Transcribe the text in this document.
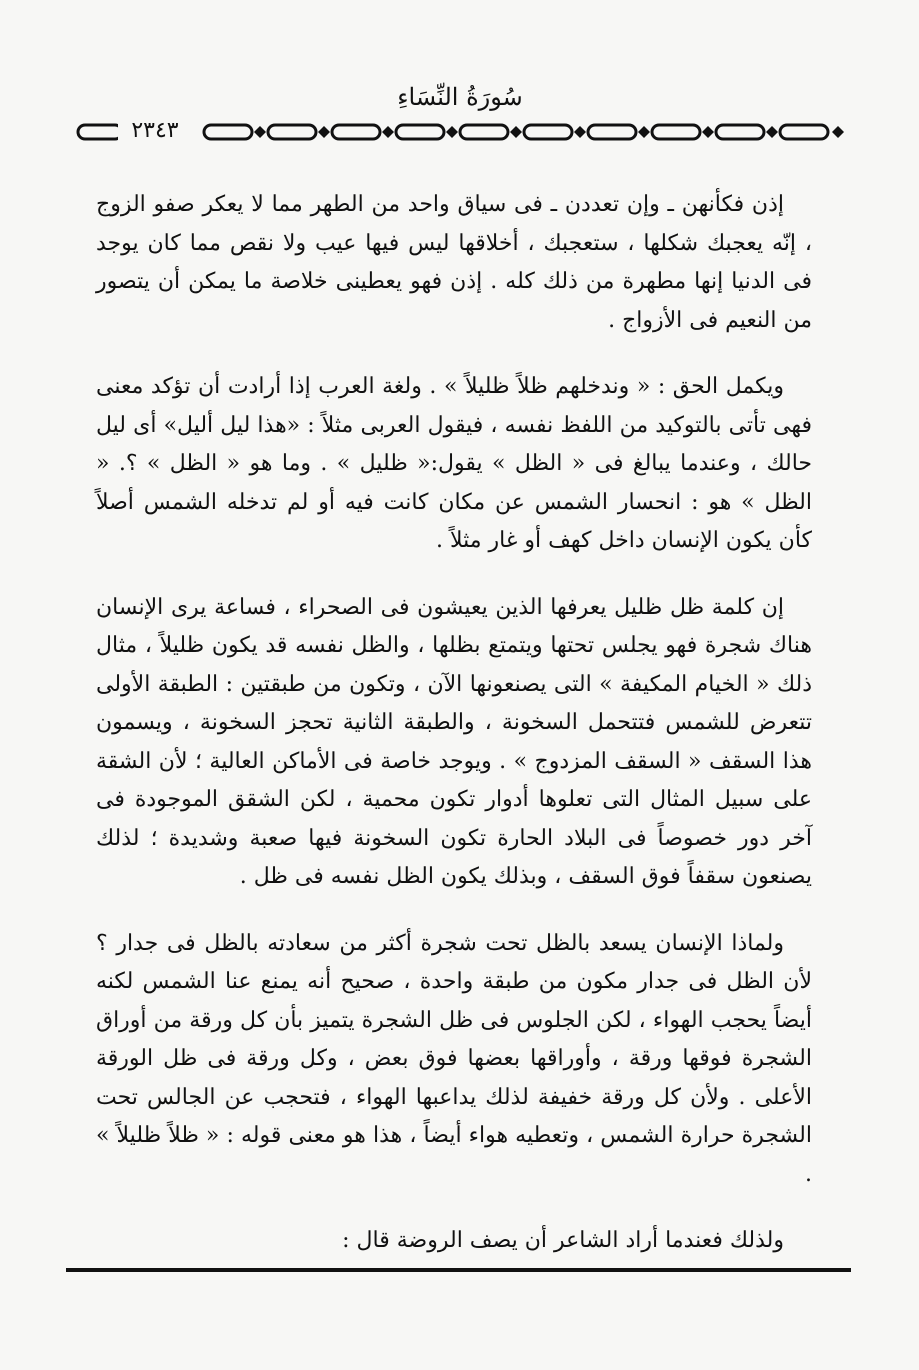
سُورَةُ النِّسَاءِ
٢٣٤٣

إذن فكأنهن ـ وإن تعددن ـ فى سياق واحد من الطهر مما لا يعكر صفو الزوج ، إنّه يعجبك شكلها ، ستعجبك ، أخلاقها ليس فيها عيب ولا نقص مما كان يوجد فى الدنيا إنها مطهرة من ذلك كله . إذن فهو يعطينى خلاصة ما يمكن أن يتصور من النعيم فى الأزواج .

ويكمل الحق : « وندخلهم ظلاً ظليلاً » . ولغة العرب إذا أرادت أن تؤكد معنى فهى تأتى بالتوكيد من اللفظ نفسه ، فيقول العربى مثلاً : «هذا ليل أليل» أى ليل حالك ، وعندما يبالغ فى « الظل » يقول:« ظليل » . وما هو « الظل » ؟. « الظل » هو : انحسار الشمس عن مكان كانت فيه أو لم تدخله الشمس أصلاً كأن يكون الإنسان داخل كهف أو غار مثلاً .

إن كلمة ظل ظليل يعرفها الذين يعيشون فى الصحراء ، فساعة يرى الإنسان هناك شجرة فهو يجلس تحتها ويتمتع بظلها ، والظل نفسه قد يكون ظليلاً ، مثال ذلك « الخيام المكيفة » التى يصنعونها الآن ، وتكون من طبقتين : الطبقة الأولى تتعرض للشمس فتتحمل السخونة ، والطبقة الثانية تحجز السخونة ، ويسمون هذا السقف « السقف المزدوج » . ويوجد خاصة فى الأماكن العالية ؛ لأن الشقة على سبيل المثال التى تعلوها أدوار تكون محمية ، لكن الشقق الموجودة فى آخر دور خصوصاً فى البلاد الحارة تكون السخونة فيها صعبة وشديدة ؛ لذلك يصنعون سقفاً فوق السقف ، وبذلك يكون الظل نفسه فى ظل .

ولماذا الإنسان يسعد بالظل تحت شجرة أكثر من سعادته بالظل فى جدار ؟ لأن الظل فى جدار مكون من طبقة واحدة ، صحيح أنه يمنع عنا الشمس لكنه أيضاً يحجب الهواء ، لكن الجلوس فى ظل الشجرة يتميز بأن كل ورقة من أوراق الشجرة فوقها ورقة ، وأوراقها بعضها فوق بعض ، وكل ورقة فى ظل الورقة الأعلى . ولأن كل ورقة خفيفة لذلك يداعبها الهواء ، فتحجب عن الجالس تحت الشجرة حرارة الشمس ، وتعطيه هواء أيضاً ، هذا هو معنى قوله : « ظلاً ظليلاً » .

ولذلك فعندما أراد الشاعر أن يصف الروضة قال :
